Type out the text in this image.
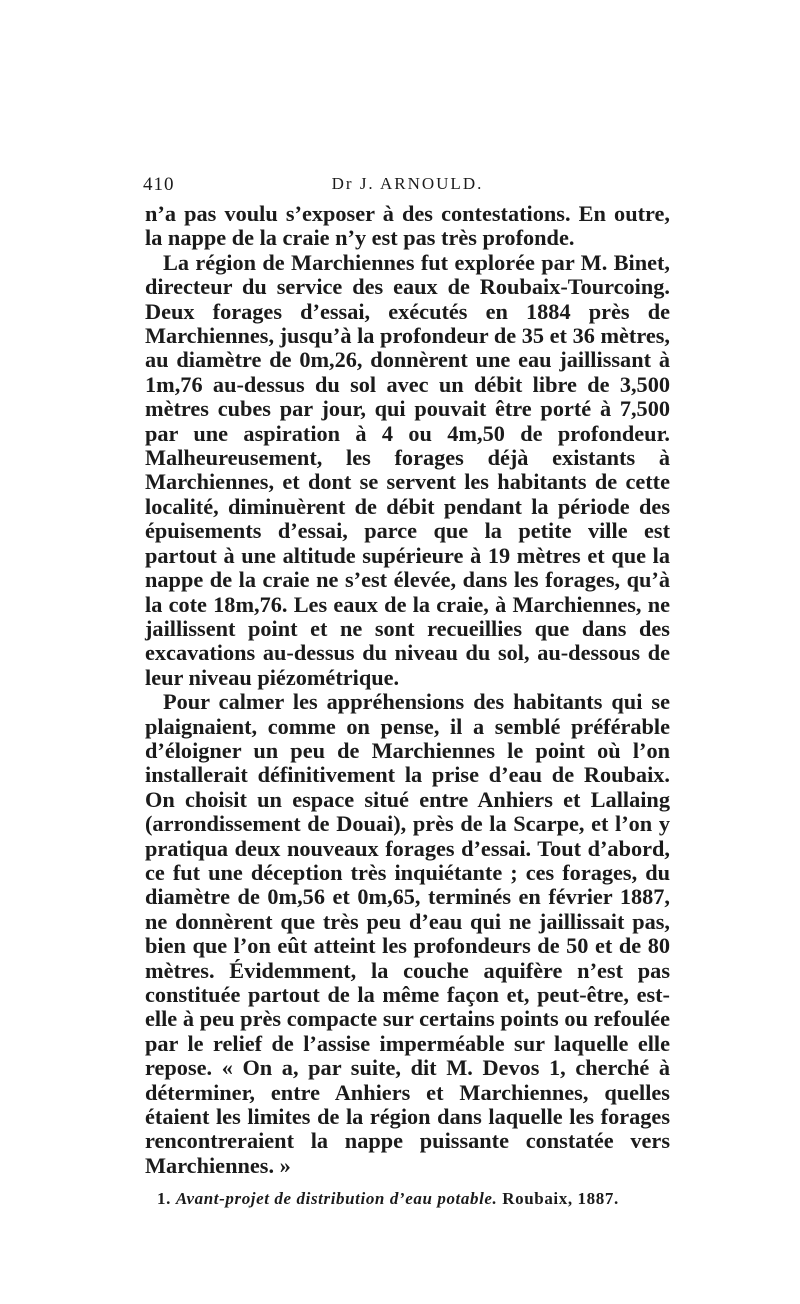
410	Dr J. ARNOULD.

n’a pas voulu s’exposer à des contestations. En outre, la nappe de la craie n’y est pas très profonde.

La région de Marchiennes fut explorée par M. Binet, directeur du service des eaux de Roubaix-Tourcoing. Deux forages d’essai, exécutés en 1884 près de Marchiennes, jusqu’à la profondeur de 35 et 36 mètres, au diamètre de 0m,26, donnèrent une eau jaillissant à 1m,76 au-dessus du sol avec un débit libre de 3,500 mètres cubes par jour, qui pouvait être porté à 7,500 par une aspiration à 4 ou 4m,50 de profondeur. Malheureusement, les forages déjà existants à Marchiennes, et dont se servent les habitants de cette localité, diminuèrent de débit pendant la période des épuisements d’essai, parce que la petite ville est partout à une altitude supérieure à 19 mètres et que la nappe de la craie ne s’est élevée, dans les forages, qu’à la cote 18m,76. Les eaux de la craie, à Marchiennes, ne jaillissent point et ne sont recueillies que dans des excavations au-dessus du niveau du sol, au-dessous de leur niveau piézométrique.

Pour calmer les appréhensions des habitants qui se plaignaient, comme on pense, il a semblé préférable d’éloigner un peu de Marchiennes le point où l’on installerait définitivement la prise d’eau de Roubaix. On choisit un espace situé entre Anhiers et Lallaing (arrondissement de Douai), près de la Scarpe, et l’on y pratiqua deux nouveaux forages d’essai. Tout d’abord, ce fut une déception très inquiétante ; ces forages, du diamètre de 0m,56 et 0m,65, terminés en février 1887, ne donnèrent que très peu d’eau qui ne jaillissait pas, bien que l’on eût atteint les profondeurs de 50 et de 80 mètres. Évidemment, la couche aquifère n’est pas constituée partout de la même façon et, peut-être, est-elle à peu près compacte sur certains points ou refoulée par le relief de l’assise imperméable sur laquelle elle repose. « On a, par suite, dit M. Devos 1, cherché à déterminer, entre Anhiers et Marchiennes, quelles étaient les limites de la région dans laquelle les forages rencontreraient la nappe puissante constatée vers Marchiennes. »

1. Avant-projet de distribution d’eau potable. Roubaix, 1887.
